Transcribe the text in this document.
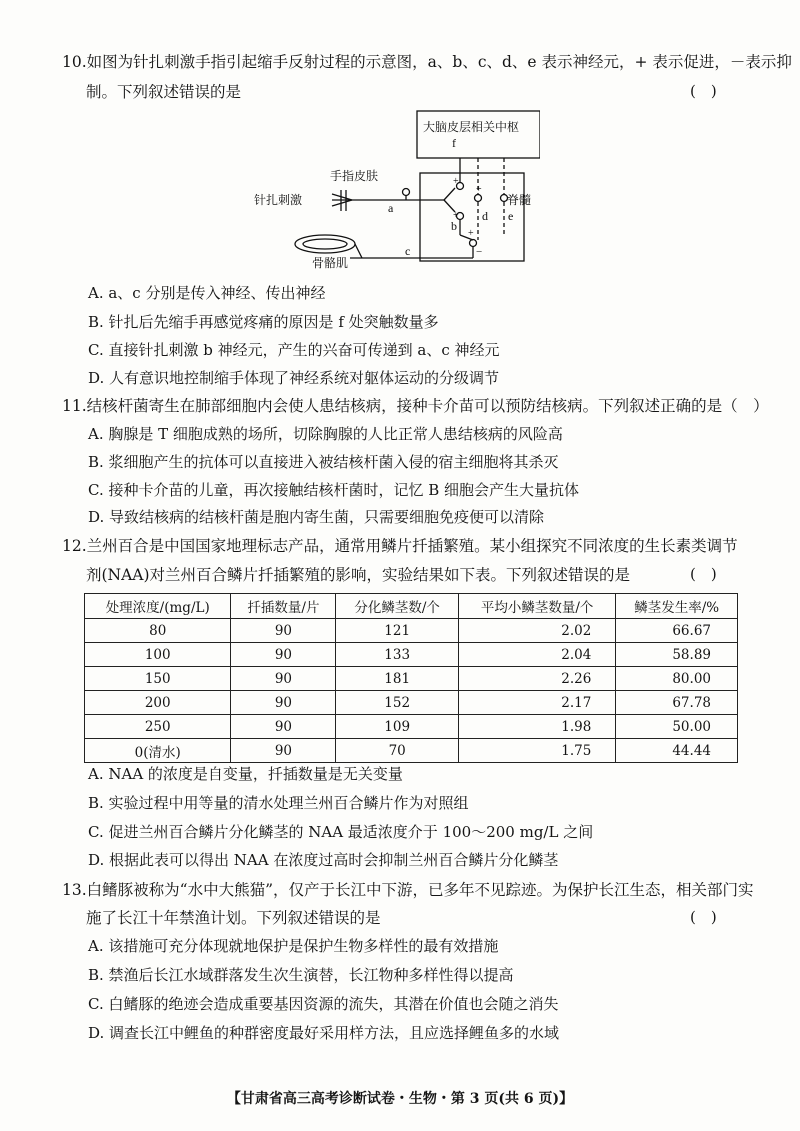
10.如图为针扎刺激手指引起缩手反射过程的示意图，a、b、c、d、e 表示神经元，+ 表示促进，－表示抑
制。下列叙述错误的是	(　)
大脑皮层相关中枢
手指皮肤
针扎刺激	脊髓
骨骼肌
a
b
c
d e
f
+
+
+
+
−
A. a、c 分别是传入神经、传出神经
B. 针扎后先缩手再感觉疼痛的原因是 f 处突触数量多
C. 直接针扎刺激 b 神经元，产生的兴奋可传递到 a、c 神经元
D. 人有意识地控制缩手体现了神经系统对躯体运动的分级调节
11.结核杆菌寄生在肺部细胞内会使人患结核病，接种卡介苗可以预防结核病。下列叙述正确的是（　）
A. 胸腺是 T 细胞成熟的场所，切除胸腺的人比正常人患结核病的风险高
B. 浆细胞产生的抗体可以直接进入被结核杆菌入侵的宿主细胞将其杀灭
C. 接种卡介苗的儿童，再次接触结核杆菌时，记忆 B 细胞会产生大量抗体
D. 导致结核病的结核杆菌是胞内寄生菌，只需要细胞免疫便可以清除
12.兰州百合是中国国家地理标志产品，通常用鳞片扦插繁殖。某小组探究不同浓度的生长素类调节
剂(NAA)对兰州百合鳞片扦插繁殖的影响，实验结果如下表。下列叙述错误的是	(　)
处理浓度/(mg/L)	扦插数量/片	分化鳞茎数/个	平均小鳞茎数量/个	鳞茎发生率/%
80	90	121	2.02	66.67
100	90	133	2.04	58.89
150	90	181	2.26	80.00
200	90	152	2.17	67.78
250	90	109	1.98	50.00
0(清水)	90	70	1.75	44.44
A. NAA 的浓度是自变量，扦插数量是无关变量
B. 实验过程中用等量的清水处理兰州百合鳞片作为对照组
C. 促进兰州百合鳞片分化鳞茎的 NAA 最适浓度介于 100～200 mg/L 之间
D. 根据此表可以得出 NAA 在浓度过高时会抑制兰州百合鳞片分化鳞茎
13.白鳍豚被称为“水中大熊猫”，仅产于长江中下游，已多年不见踪迹。为保护长江生态，相关部门实
施了长江十年禁渔计划。下列叙述错误的是	(　)
A. 该措施可充分体现就地保护是保护生物多样性的最有效措施
B. 禁渔后长江水域群落发生次生演替，长江物种多样性得以提高
C. 白鳍豚的绝迹会造成重要基因资源的流失，其潜在价值也会随之消失
D. 调查长江中鲤鱼的种群密度最好采用样方法，且应选择鲤鱼多的水域
【甘肃省高三高考诊断试卷・生物・第 3 页(共 6 页)】
